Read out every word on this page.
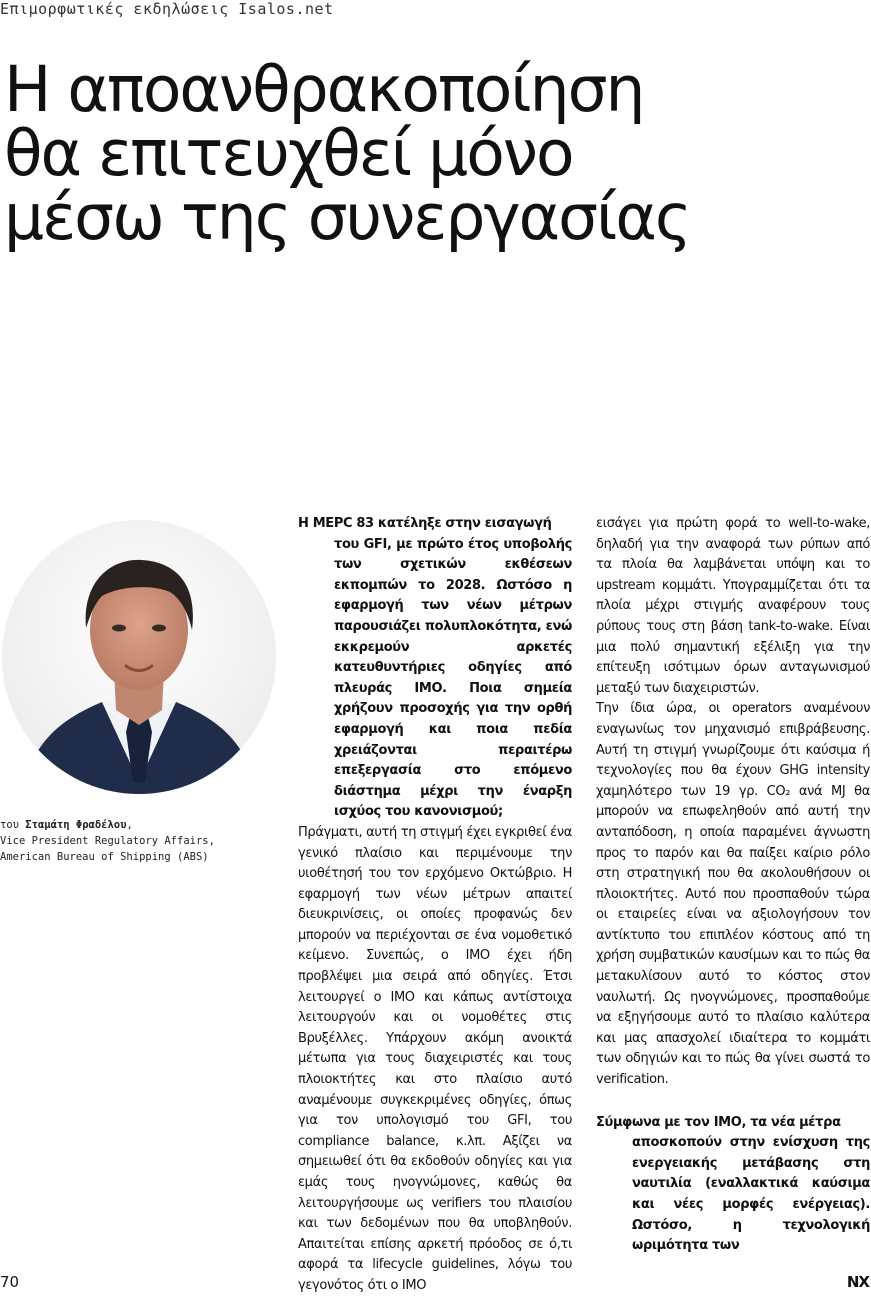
Επιμορφωτικές εκδηλώσεις Isalos.net
Η απoανθρακoπoίηση
θα επιτευχθεί μόνο
μέσω της συνεργασίας
του Σταμάτη Φραδέλου,
Vice President Regulatory Affairs,
American Bureau of Shipping (ABS)

Η MEPC 83 κατέληξε στην εισαγωγή
του GFI, με πρώτο έτος υποβολής των σχετικών εκθέσεων εκπομπών το 2028. Ωστόσο η εφαρμογή των νέων μέτρων παρουσιάζει πολυπλοκότητα, ενώ εκκρεμούν αρκετές κατευθυντήριες οδηγίες από πλευράς ΙΜΟ. Ποια σημεία χρήζουν προσοχής για την ορθή εφαρμογή και ποια πεδία χρειάζονται περαιτέρω επεξεργασία στο επόμενο διάστημα μέχρι την έναρξη ισχύος του κανονισμού;

Πράγματι, αυτή τη στιγμή έχει εγκριθεί ένα γενικό πλαίσιο και περιμένουμε την υιοθέτησή του τον ερχόμενο Οκτώβριο. Η εφαρμογή των νέων μέτρων απαιτεί διευκρινίσεις, οι οποίες προφανώς δεν μπορούν να περιέχονται σε ένα νομοθετικό κείμενο. Συνεπώς, ο ΙΜΟ έχει ήδη προβλέψει μια σειρά από οδηγίες. Έτσι λειτουργεί ο IMO και κάπως αντίστοιχα λειτουργούν και οι νομοθέτες στις Βρυξέλλες. Υπάρχουν ακόμη ανοικτά μέτωπα για τους διαχειριστές και τους πλοιοκτήτες και στο πλαίσιο αυτό αναμένουμε συγκεκριμένες οδηγίες, όπως για τον υπολογισμό του GFI, του compliance balance, κ.λπ. Αξίζει να σημειωθεί ότι θα εκδοθούν οδηγίες και για εμάς τους ηνογνώμονες, καθώς θα λειτουργήσουμε ως verifiers του πλαισίου και των δεδομένων που θα υποβληθούν. Απαιτείται επίσης αρκετή πρόοδος σε ό,τι αφορά τα lifecycle guidelines, λόγω του γεγονότος ότι ο ΙΜΟ

εισάγει για πρώτη φορά το well-to-wake, δηλαδή για την αναφορά των ρύπων από τα πλοία θα λαμβάνεται υπόψη και το upstream κομμάτι. Υπογραμμίζεται ότι τα πλοία μέχρι στιγμής αναφέρουν τους ρύπους τους στη βάση tank-to-wake. Είναι μια πολύ σημαντική εξέλιξη για την επίτευξη ισότιμων όρων ανταγωνισμού μεταξύ των διαχειριστών.

Την ίδια ώρα, οι operators αναμένουν εναγωνίως τον μηχανισμό επιβράβευσης. Αυτή τη στιγμή γνωρίζουμε ότι καύσιμα ή τεχνολογίες που θα έχουν GHG intensity χαμηλότερο των 19 γρ. CO₂ ανά MJ θα μπορούν να επωφεληθούν από αυτή την ανταπόδοση, η οποία παραμένει άγνωστη προς το παρόν και θα παίξει καίριο ρόλο στη στρατηγική που θα ακολουθήσουν οι πλοιοκτήτες. Αυτό που προσπαθούν τώρα οι εταιρείες είναι να αξιολογήσουν τον αντίκτυπο του επιπλέον κόστους από τη χρήση συμβατικών καυσίμων και το πώς θα μετακυλίσουν αυτό το κόστος στον ναυλωτή. Ως ηνογνώμονες, προσπαθούμε να εξηγήσουμε αυτό το πλαίσιο καλύτερα και μας απασχολεί ιδιαίτερα το κομμάτι των οδηγιών και το πώς θα γίνει σωστά το verification.

Σύμφωνα με τον ΙΜΟ, τα νέα μέτρα
αποσκοπούν στην ενίσχυση της ενεργειακής μετάβασης στη ναυτιλία (εναλλακτικά καύσιμα και νέες μορφές ενέργειας). Ωστόσο, η τεχνολογική ωριμότητα των

70	NX
